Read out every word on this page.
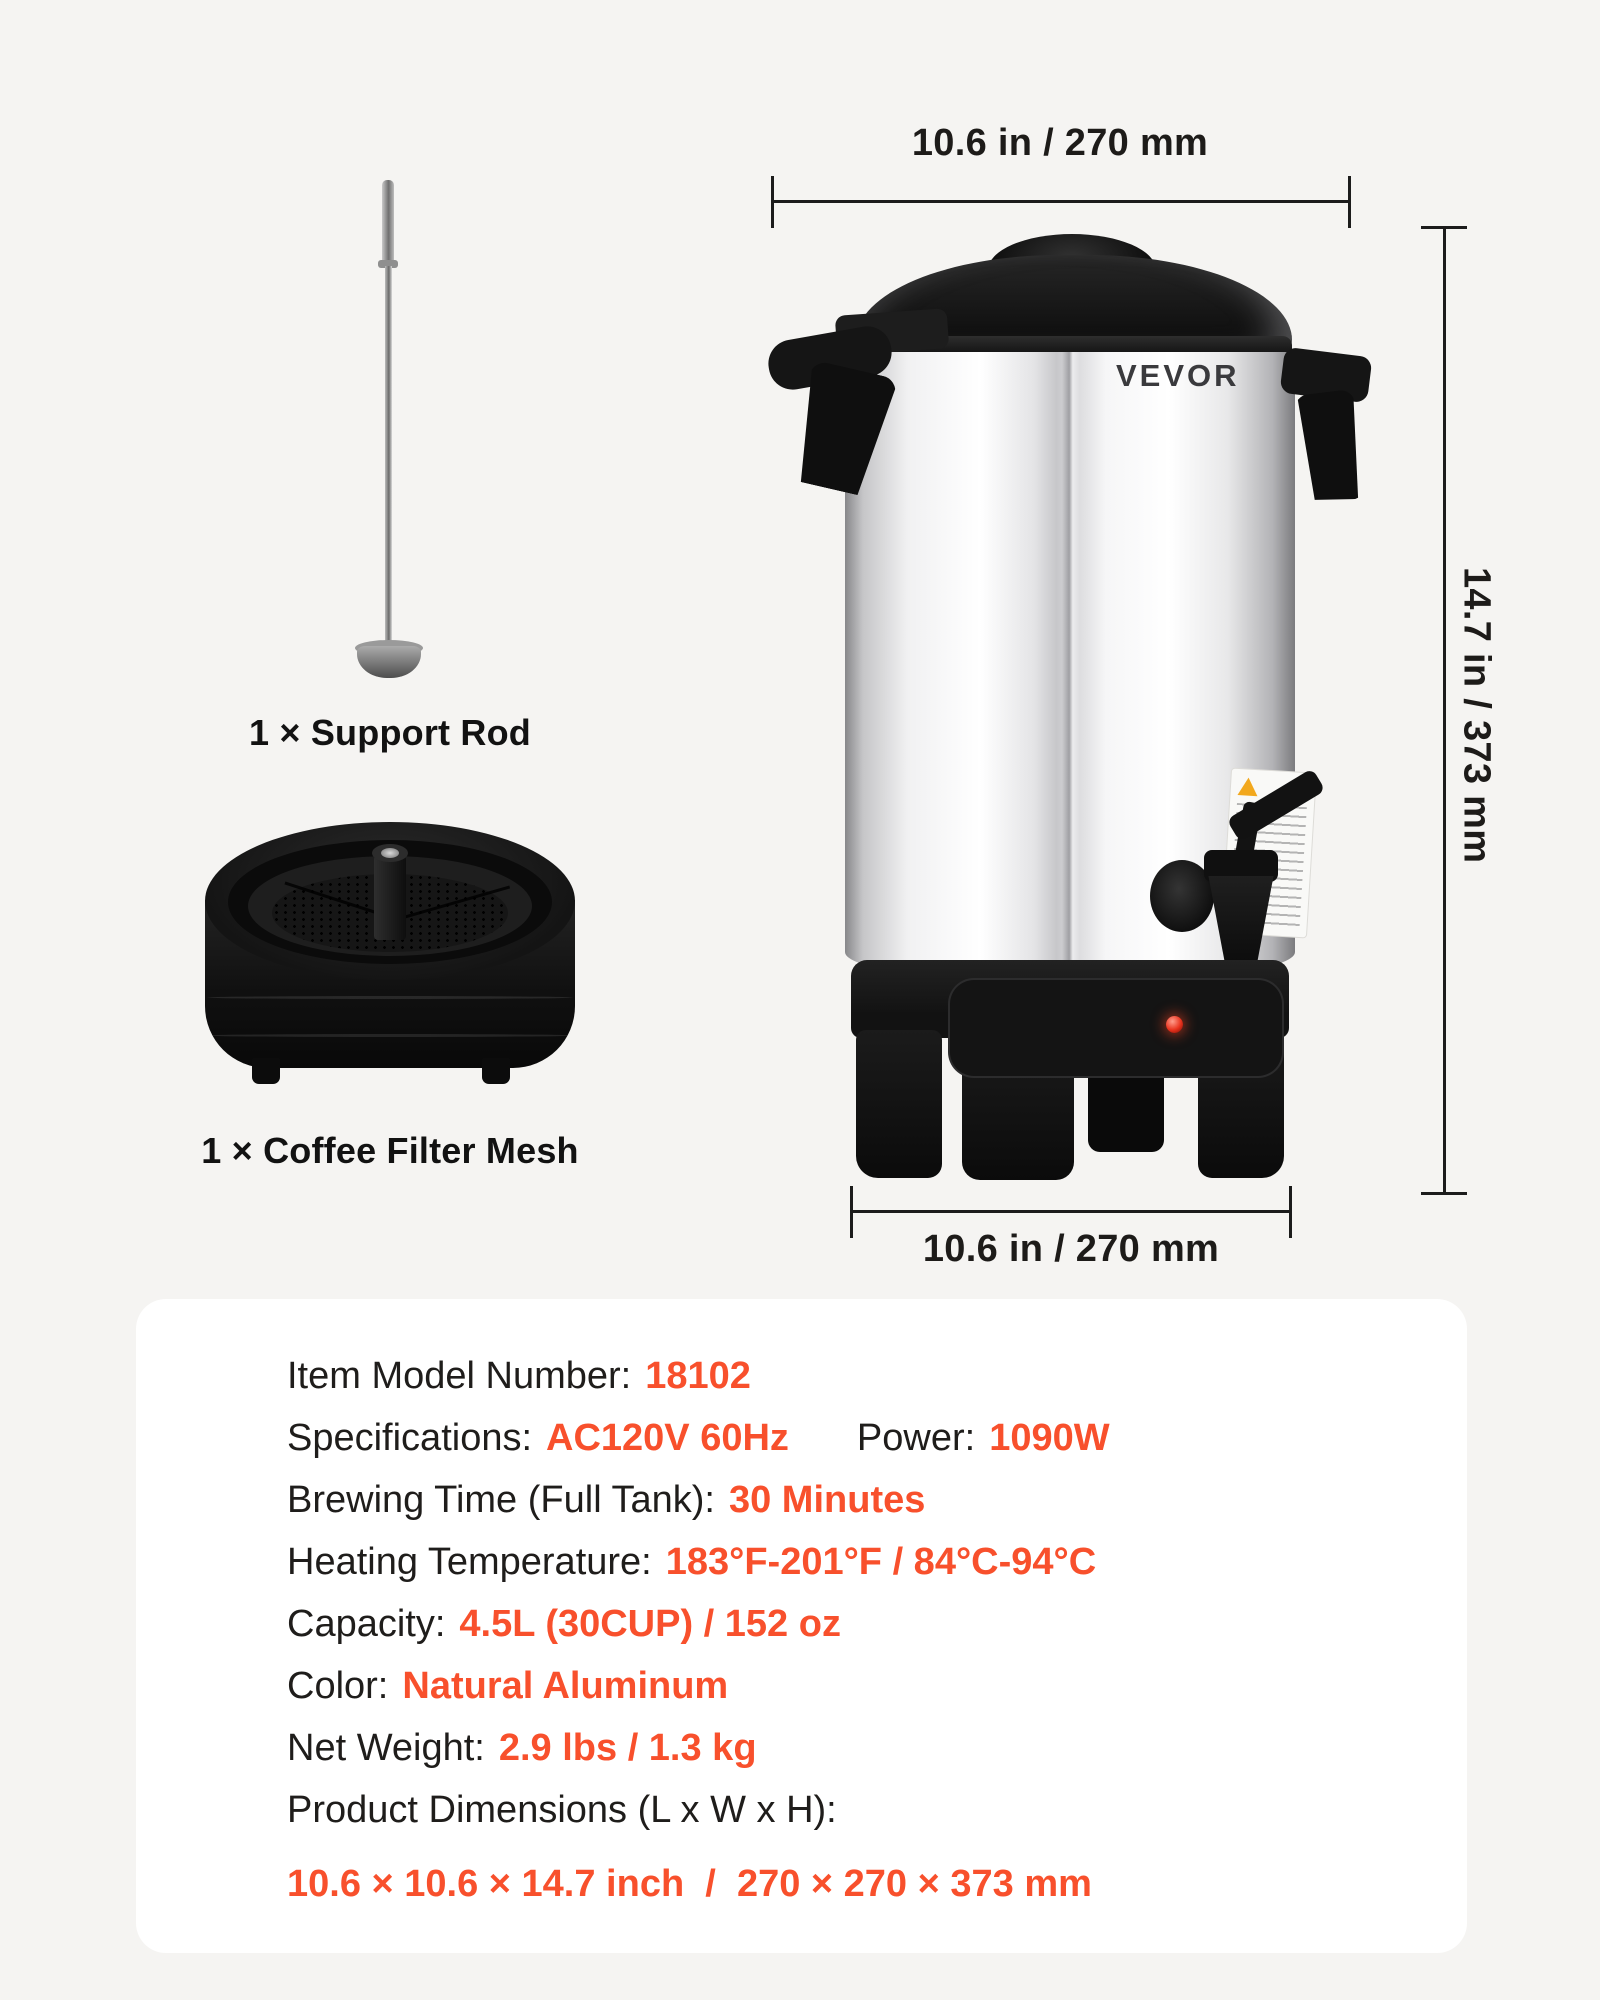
10.6 in / 270 mm
14.7 in / 373 mm
10.6 in / 270 mm
1 × Support Rod
1 × Coffee Filter Mesh
VEVOR
Item Model Number: 18102
Specifications: AC120V 60Hz Power: 1090W
Brewing Time (Full Tank): 30 Minutes
Heating Temperature: 183°F-201°F / 84°C-94°C
Capacity: 4.5L (30CUP) / 152 oz
Color: Natural Aluminum
Net Weight: 2.9 lbs / 1.3 kg
Product Dimensions (L x W x H):
10.6 × 10.6 × 14.7 inch  /  270 × 270 × 373 mm
